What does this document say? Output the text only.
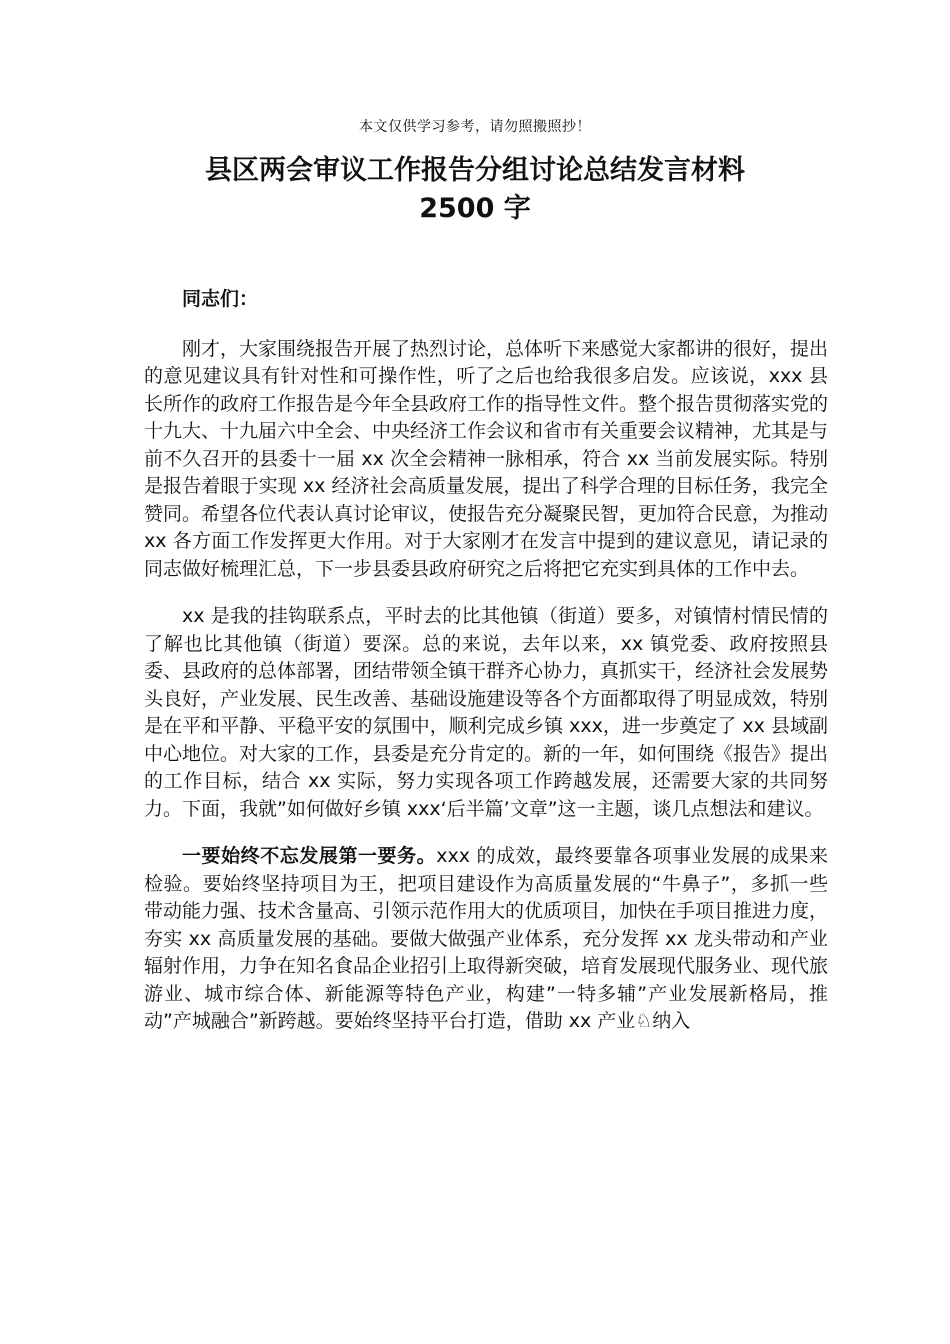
本文仅供学习参考，请勿照搬照抄！
县区两会审议工作报告分组讨论总结发言材料
2500 字

同志们：

刚才，大家围绕报告开展了热烈讨论，总体听下来感觉大家都讲的很好，提出的意见建议具有针对性和可操作性，听了之后也给我很多启发。应该说，xxx 县长所作的政府工作报告是今年全县政府工作的指导性文件。整个报告贯彻落实党的十九大、十九届六中全会、中央经济工作会议和省市有关重要会议精神，尤其是与前不久召开的县委十一届 xx 次全会精神一脉相承，符合 xx 当前发展实际。特别是报告着眼于实现 xx 经济社会高质量发展，提出了科学合理的目标任务，我完全赞同。希望各位代表认真讨论审议，使报告充分凝聚民智，更加符合民意，为推动 xx 各方面工作发挥更大作用。对于大家刚才在发言中提到的建议意见，请记录的同志做好梳理汇总，下一步县委县政府研究之后将把它充实到具体的工作中去。

xx 是我的挂钩联系点，平时去的比其他镇（街道）要多，对镇情村情民情的了解也比其他镇（街道）要深。总的来说，去年以来，xx 镇党委、政府按照县委、县政府的总体部署，团结带领全镇干群齐心协力，真抓实干，经济社会发展势头良好，产业发展、民生改善、基础设施建设等各个方面都取得了明显成效，特别是在平和平静、平稳平安的氛围中，顺利完成乡镇 xxx，进一步奠定了 xx 县域副中心地位。对大家的工作，县委是充分肯定的。新的一年，如何围绕《报告》提出的工作目标，结合 xx 实际，努力实现各项工作跨越发展，还需要大家的共同努力。下面，我就”如何做好乡镇 xxx‘后半篇’文章”这一主题，谈几点想法和建议。

一要始终不忘发展第一要务。xxx 的成效，最终要靠各项事业发展的成果来检验。要始终坚持项目为王，把项目建设作为高质量发展的“牛鼻子”，多抓一些带动能力强、技术含量高、引领示范作用大的优质项目，加快在手项目推进力度，夯实 xx 高质量发展的基础。要做大做强产业体系，充分发挥 xx 龙头带动和产业辐射作用，力争在知名食品企业招引上取得新突破，培育发展现代服务业、现代旅游业、城市综合体、新能源等特色产业，构建”一特多辅”产业发展新格局，推动”产城融合”新跨越。要始终坚持平台打造，借助 xx 产业♘纳入
